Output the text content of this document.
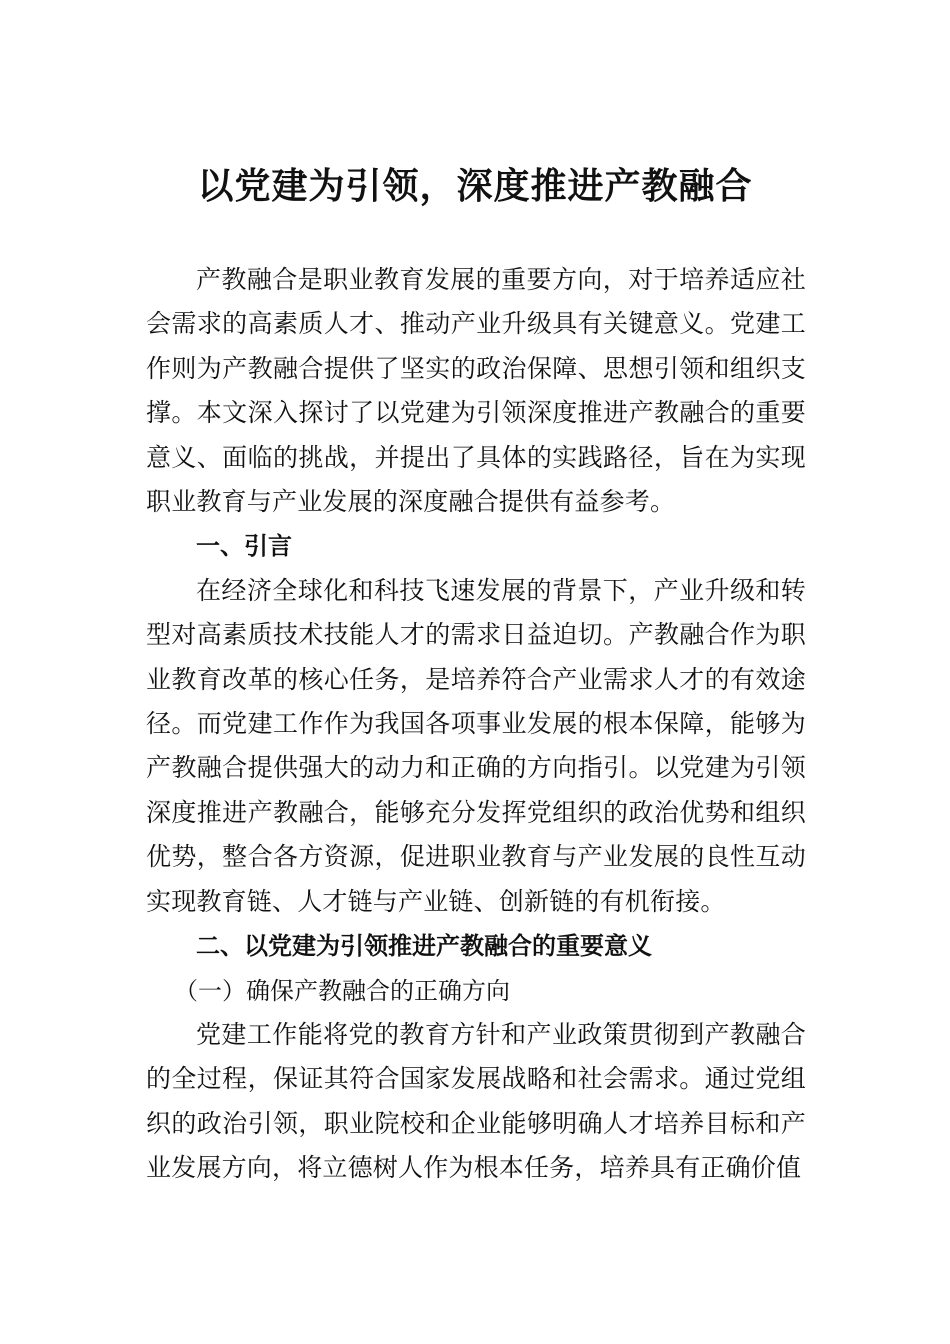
以党建为引领，深度推进产教融合

产教融合是职业教育发展的重要方向，对于培养适应社会需求的高素质人才、推动产业升级具有关键意义。党建工作则为产教融合提供了坚实的政治保障、思想引领和组织支撑。本文深入探讨了以党建为引领深度推进产教融合的重要意义、面临的挑战，并提出了具体的实践路径，旨在为实现职业教育与产业发展的深度融合提供有益参考。

一、引言

在经济全球化和科技飞速发展的背景下，产业升级和转型对高素质技术技能人才的需求日益迫切。产教融合作为职业教育改革的核心任务，是培养符合产业需求人才的有效途径。而党建工作作为我国各项事业发展的根本保障，能够为产教融合提供强大的动力和正确的方向指引。以党建为引领深度推进产教融合，能够充分发挥党组织的政治优势和组织优势，整合各方资源，促进职业教育与产业发展的良性互动实现教育链、人才链与产业链、创新链的有机衔接。

二、以党建为引领推进产教融合的重要意义

（一）确保产教融合的正确方向

党建工作能将党的教育方针和产业政策贯彻到产教融合的全过程，保证其符合国家发展战略和社会需求。通过党组织的政治引领，职业院校和企业能够明确人才培养目标和产业发展方向，将立德树人作为根本任务，培养具有正确价值
